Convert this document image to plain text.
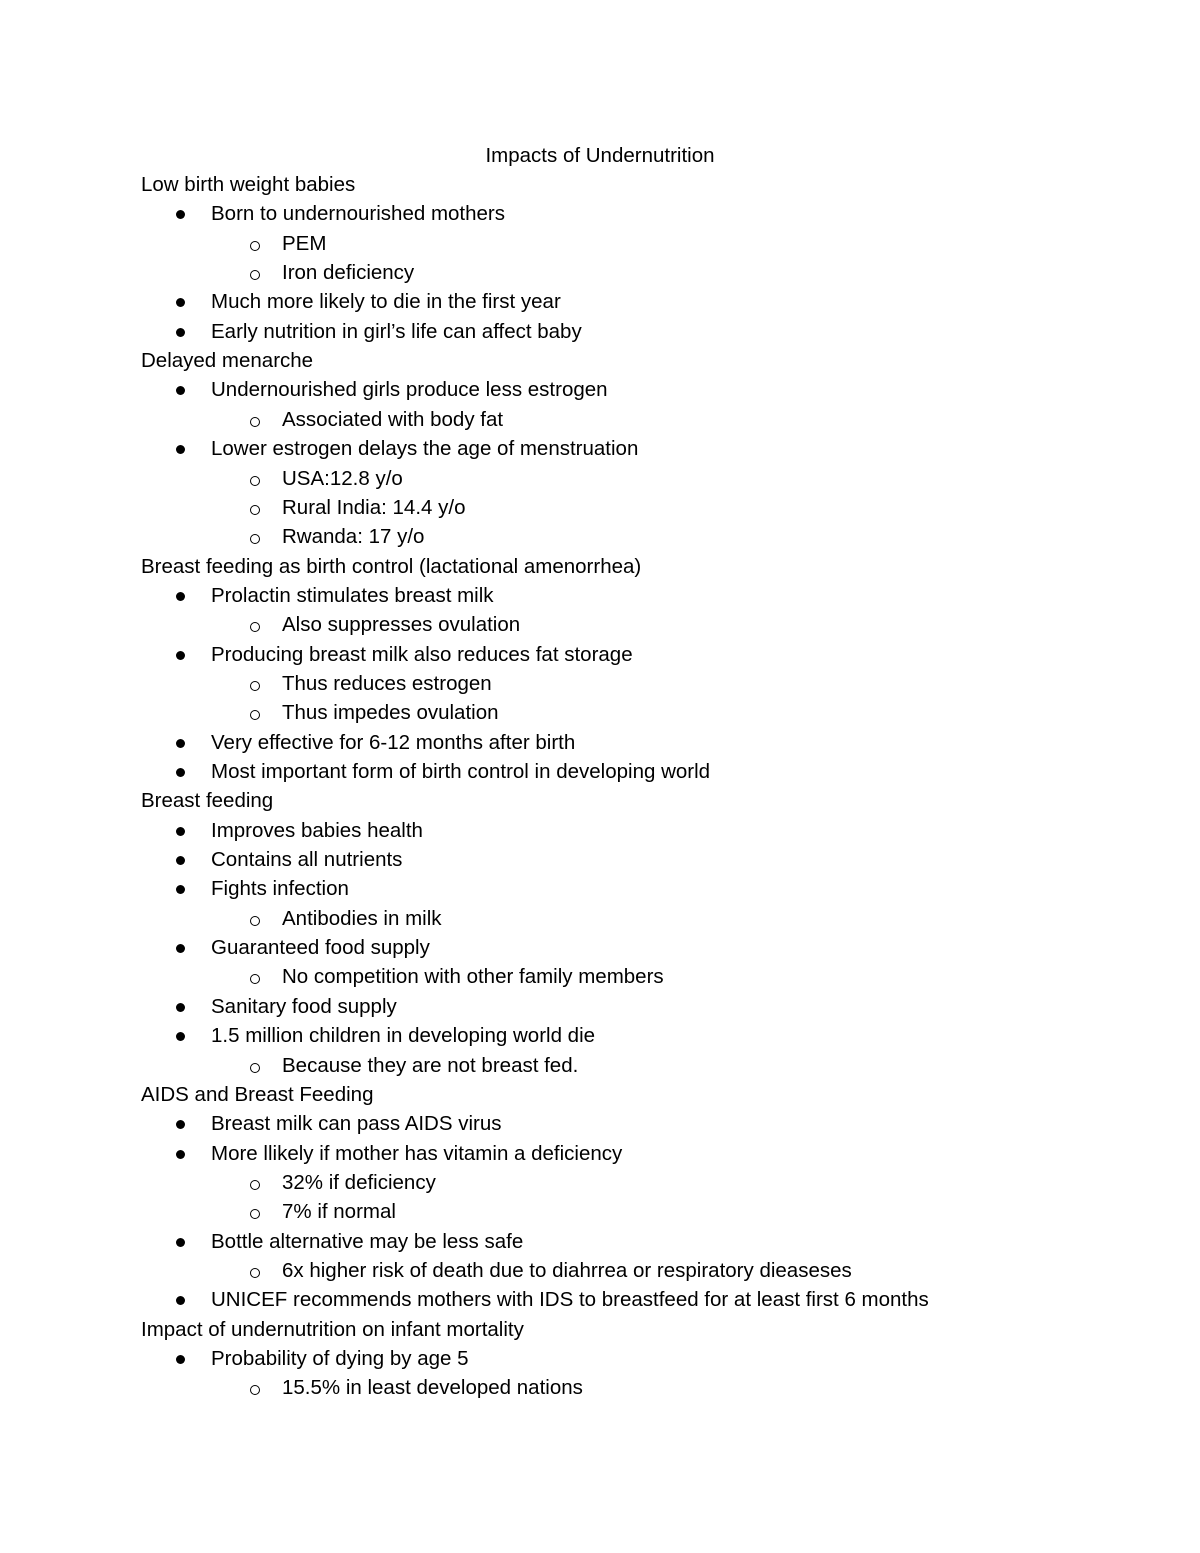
Impacts of Undernutrition
Low birth weight babies
Born to undernourished mothers
PEM
Iron deficiency
Much more likely to die in the first year
Early nutrition in girl’s life can affect baby
Delayed menarche
Undernourished girls produce less estrogen
Associated with body fat
Lower estrogen delays the age of menstruation
USA:12.8 y/o
Rural India: 14.4 y/o
Rwanda: 17 y/o
Breast feeding as birth control (lactational amenorrhea)
Prolactin stimulates breast milk
Also suppresses ovulation
Producing breast milk also reduces fat storage
Thus reduces estrogen
Thus impedes ovulation
Very effective for 6-12 months after birth
Most important form of birth control in developing world
Breast feeding
Improves babies health
Contains all nutrients
Fights infection
Antibodies in milk
Guaranteed food supply
No competition with other family members
Sanitary food supply
1.5 million children in developing world die
Because they are not breast fed.
AIDS and Breast Feeding
Breast milk can pass AIDS virus
More llikely if mother has vitamin a deficiency
32% if deficiency
7% if normal
Bottle alternative may be less safe
6x higher risk of death due to diahrrea or respiratory dieaseses
UNICEF recommends mothers with IDS to breastfeed for at least first 6 months
Impact of undernutrition on infant mortality
Probability of dying by age 5
15.5% in least developed nations
